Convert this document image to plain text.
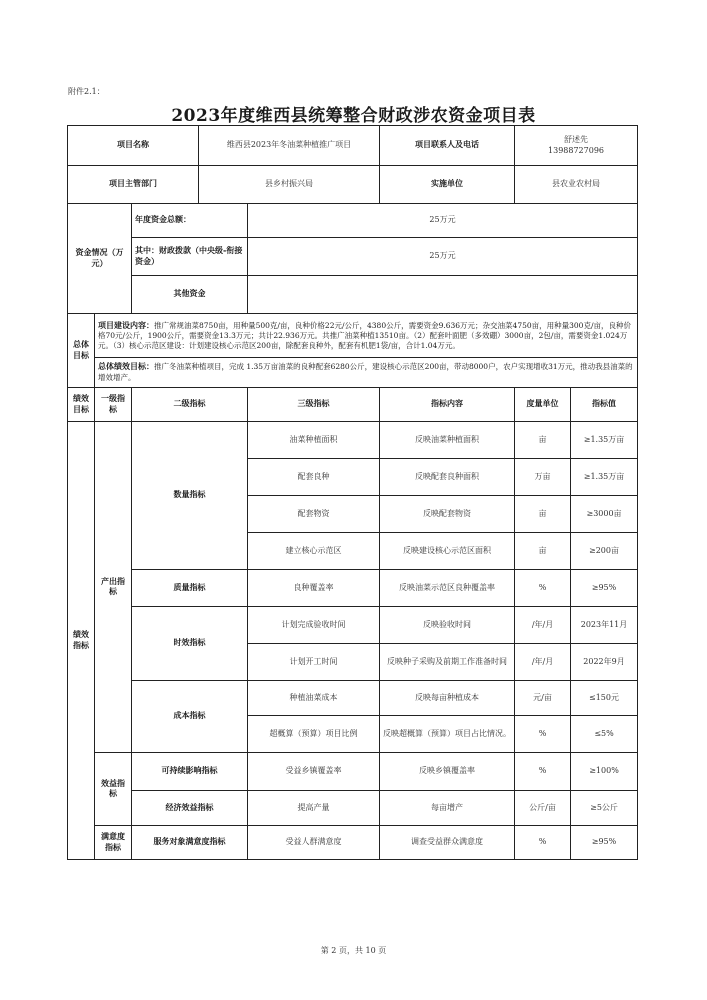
附件2.1：
2023年度维西县统筹整合财政涉农资金项目表
项目名称			维西县2023年冬油菜种植推广项目		项目联系人及电话	舒述先
13988727096	

项目主管部门			县乡村振兴局		实施单位	县农业农村局	
资金情况（万元）		年度资金总额：		25万元			
		其中：财政拨款（中央级-衔接资金）		25万元			
		其他资金					
总体目标	项目建设内容：推广常规油菜8750亩，用种量500克/亩，良种价格22元/公斤，4380公斤，需要资金9.636万元；杂交油菜4750亩，用种量300克/亩，良种价格70元/公斤，1900公斤，需要资金13.3万元；共计22.936万元。共推广油菜种植13510亩。（2）配套叶面肥（多效硼）3000亩，2包/亩，需要资金1.024万元。（3）核心示范区建设：计划建设核心示范区200亩，除配套良种外，配套有机肥1袋/亩，合计1.04万元。						
	总体绩效目标：推广冬油菜种植项目，完成 1.35万亩油菜的良种配套6280公斤，建设核心示范区200亩，带动8000户，农户实现增收31万元，推动我县油菜的增效增产。						
绩效目标	一级指标	二级指标		三级指标	指标内容	度量单位	指标值
绩效指标	产出指标	数量指标		油菜种植面积	反映油菜种植面积	亩	≥1.35万亩
				配套良种	反映配套良种面积	万亩	≥1.35万亩
				配套物资	反映配套物资	亩	≥3000亩
				建立核心示范区	反映建设核心示范区面积	亩	≥200亩
		质量指标		良种覆盖率	反映油菜示范区良种覆盖率	%	≥95%
		时效指标		计划完成验收时间	反映验收时间	/年/月	2023年11月
				计划开工时间	反映种子采购及前期工作准备时间	/年/月	2022年9月
		成本指标		种植油菜成本	反映每亩种植成本	元/亩	≤150元
				超概算（预算）项目比例	反映超概算（预算）项目占比情况。	%	≤5%
	效益指标	可持续影响指标		受益乡镇覆盖率	反映乡镇覆盖率	%	≥100%
		经济效益指标		提高产量	每亩增产	公斤/亩	≥5公斤
	满意度指标	服务对象满意度指标		受益人群满意度	调查受益群众满意度	%	≥95%
第 2 页，共 10 页
